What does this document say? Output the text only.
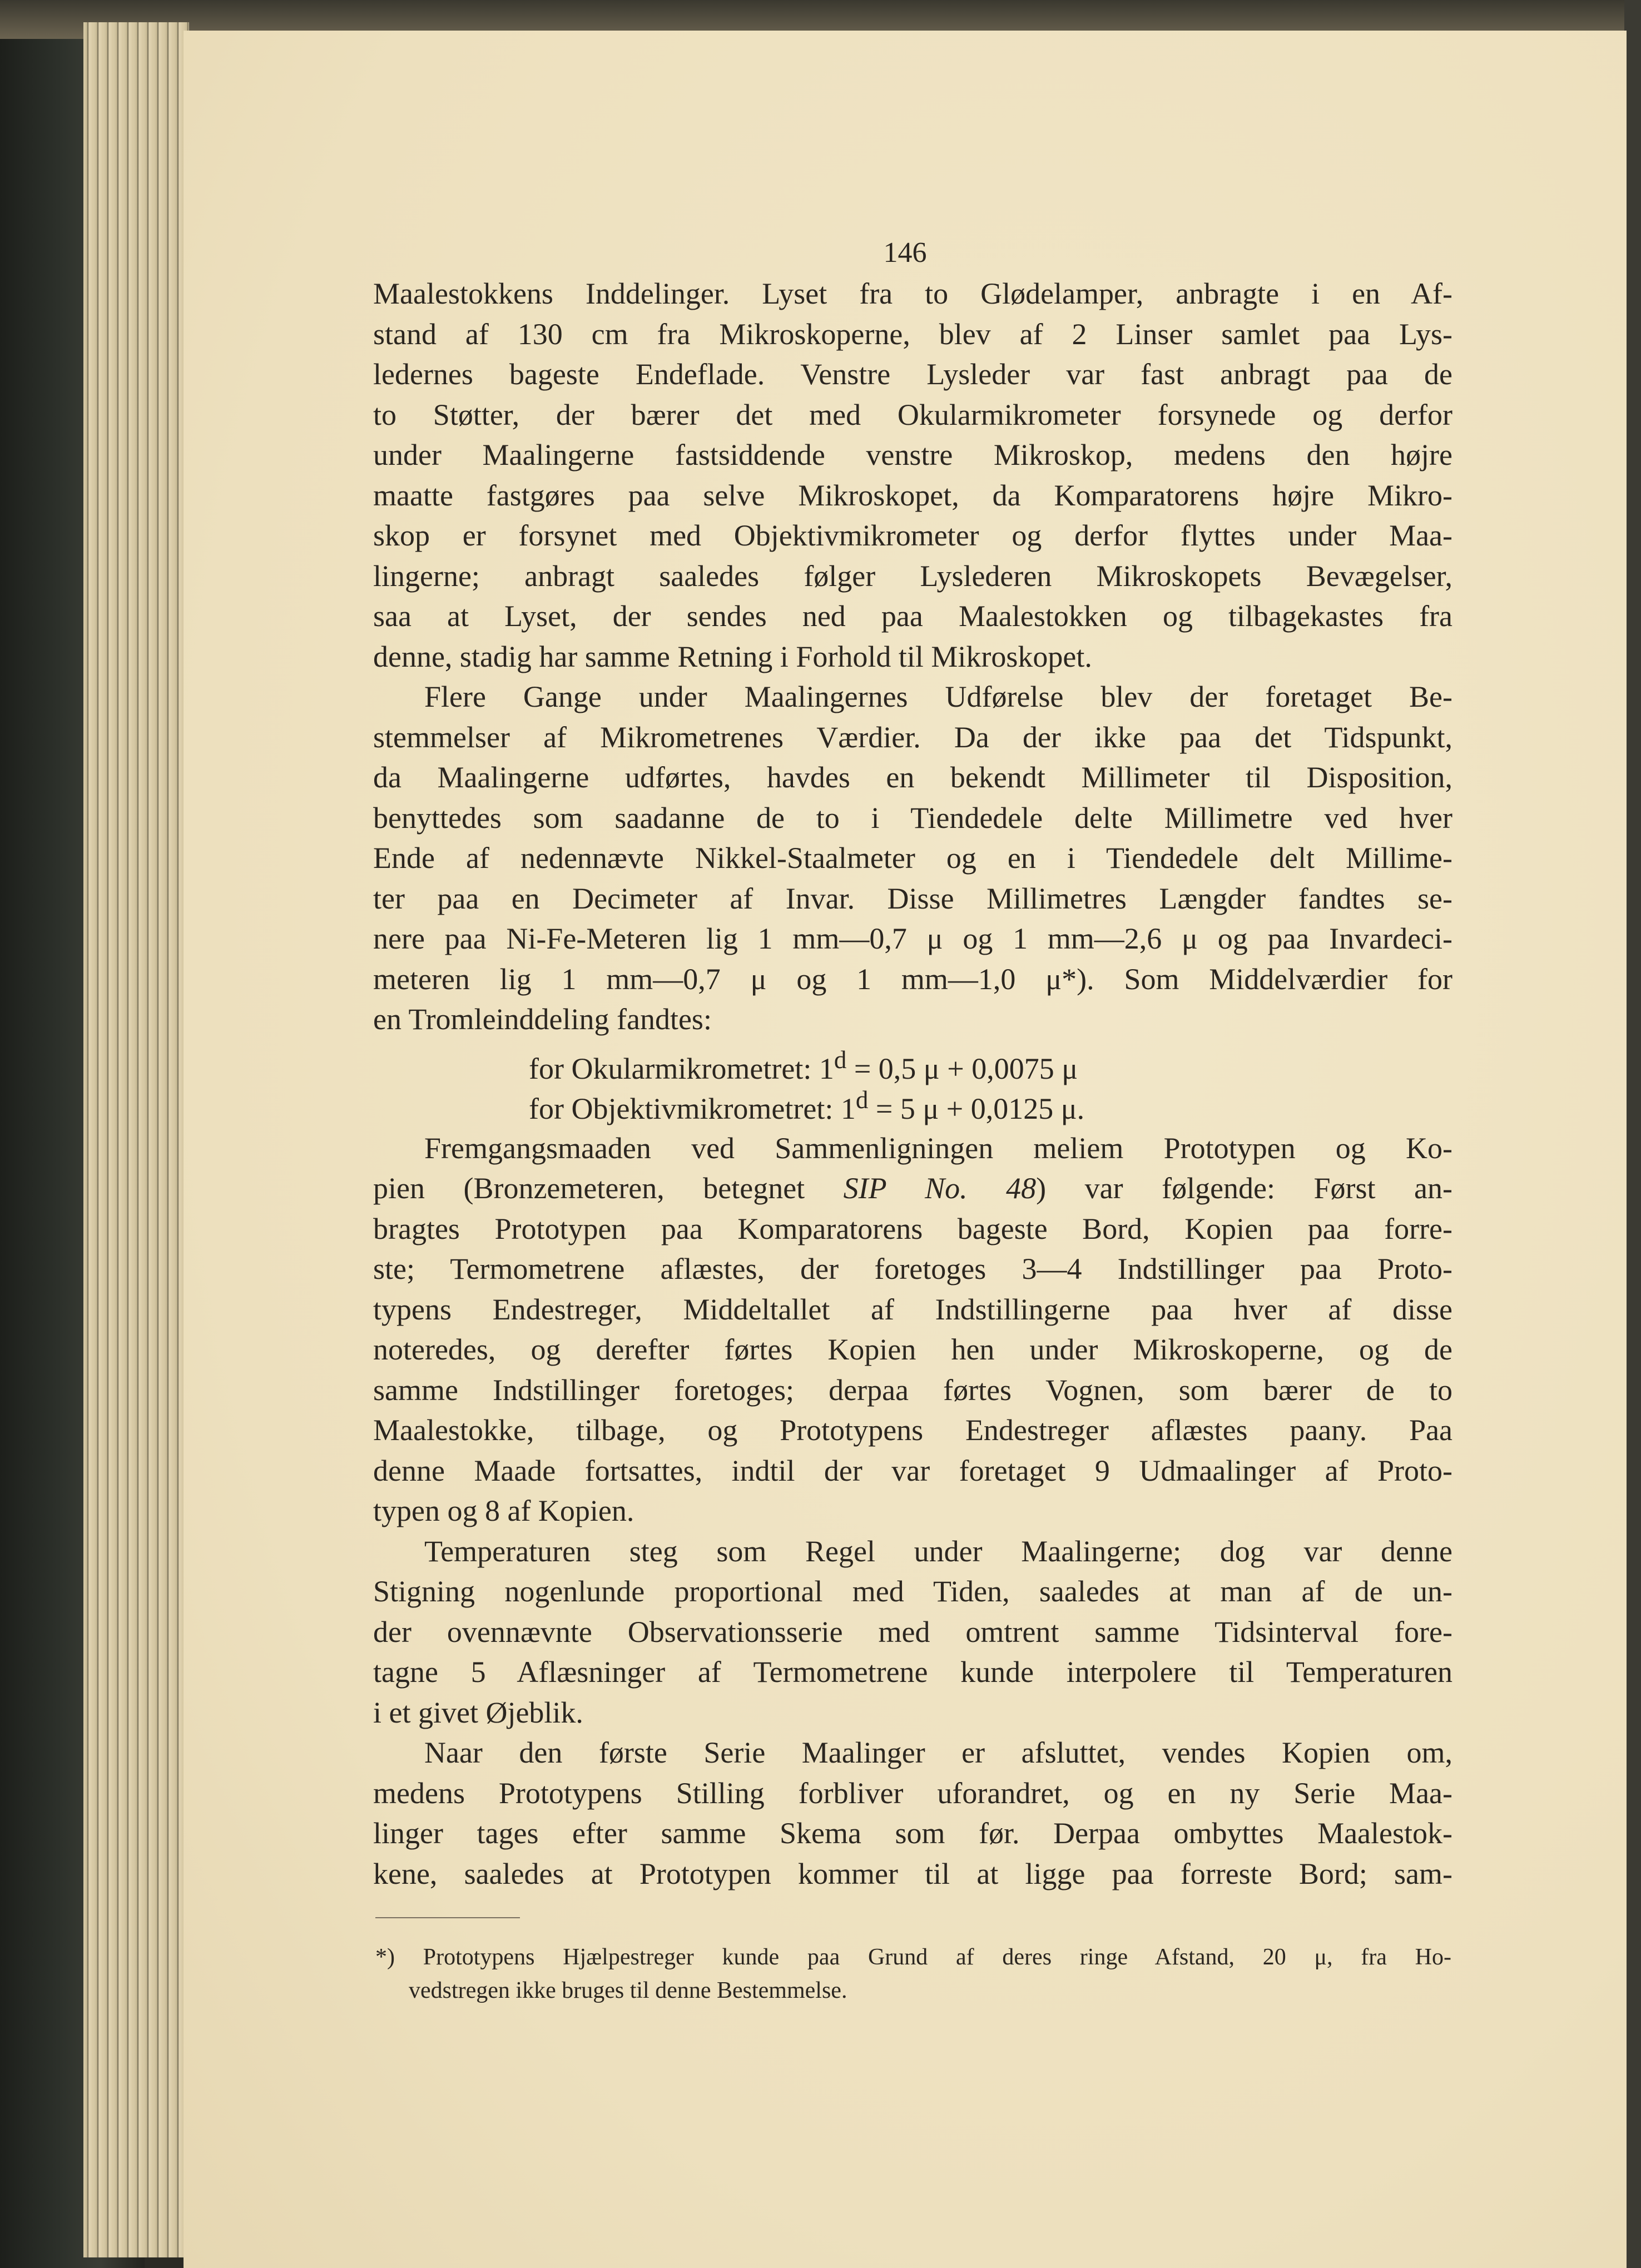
146
Maalestokkens Inddelinger. Lyset fra to Glødelamper, anbragte i en Af-
stand af 130 cm fra Mikroskoperne, blev af 2 Linser samlet paa Lys-
ledernes bageste Endeflade. Venstre Lysleder var fast anbragt paa de
to Støtter, der bærer det med Okularmikrometer forsynede og derfor
under Maalingerne fastsiddende venstre Mikroskop, medens den højre
maatte fastgøres paa selve Mikroskopet, da Komparatorens højre Mikro-
skop er forsynet med Objektivmikrometer og derfor flyttes under Maa-
lingerne; anbragt saaledes følger Lyslederen Mikroskopets Bevægelser,
saa at Lyset, der sendes ned paa Maalestokken og tilbagekastes fra
denne, stadig har samme Retning i Forhold til Mikroskopet.
Flere Gange under Maalingernes Udførelse blev der foretaget Be-
stemmelser af Mikrometrenes Værdier. Da der ikke paa det Tidspunkt,
da Maalingerne udførtes, havdes en bekendt Millimeter til Disposition,
benyttedes som saadanne de to i Tiendedele delte Millimetre ved hver
Ende af nedennævte Nikkel-Staalmeter og en i Tiendedele delt Millime-
ter paa en Decimeter af Invar. Disse Millimetres Længder fandtes se-
nere paa Ni-Fe-Meteren lig 1 mm—0,7 μ og 1 mm—2,6 μ og paa Invardeci-
meteren lig 1 mm—0,7 μ og 1 mm—1,0 μ*). Som Middelværdier for
en Tromleinddeling fandtes:
for Okularmikrometret: $1^d = 0,5$ μ + 0,0075 μ
for Objektivmikrometret: $1^d = 5$ μ + 0,0125 μ.
Fremgangsmaaden ved Sammenligningen meliem Prototypen og Ko-
pien (Bronzemeteren, betegnet SIP No. 48) var følgende: Først an-
bragtes Prototypen paa Komparatorens bageste Bord, Kopien paa forre-
ste; Termometrene aflæstes, der foretoges 3—4 Indstillinger paa Proto-
typens Endestreger, Middeltallet af Indstillingerne paa hver af disse
noteredes, og derefter førtes Kopien hen under Mikroskoperne, og de
samme Indstillinger foretoges; derpaa førtes Vognen, som bærer de to
Maalestokke, tilbage, og Prototypens Endestreger aflæstes paany. Paa
denne Maade fortsattes, indtil der var foretaget 9 Udmaalinger af Proto-
typen og 8 af Kopien.
Temperaturen steg som Regel under Maalingerne; dog var denne
Stigning nogenlunde proportional med Tiden, saaledes at man af de un-
der ovennævnte Observationsserie med omtrent samme Tidsinterval fore-
tagne 5 Aflæsninger af Termometrene kunde interpolere til Temperaturen
i et givet Øjeblik.
Naar den første Serie Maalinger er afsluttet, vendes Kopien om,
medens Prototypens Stilling forbliver uforandret, og en ny Serie Maa-
linger tages efter samme Skema som før. Derpaa ombyttes Maalestok-
kene, saaledes at Prototypen kommer til at ligge paa forreste Bord; sam-
*) Prototypens Hjælpestreger kunde paa Grund af deres ringe Afstand, 20 μ, fra Ho-
vedstregen ikke bruges til denne Bestemmelse.
